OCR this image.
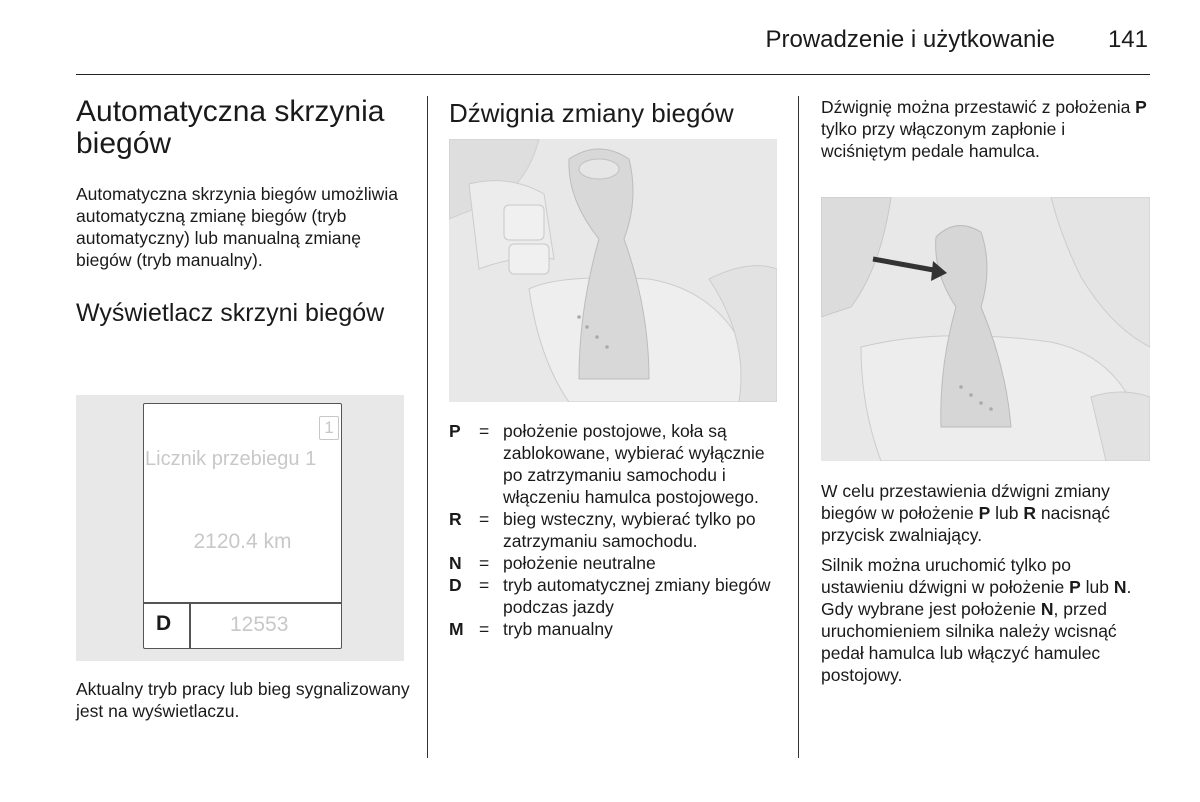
Prowadzenie i użytkowanie 141
Automatyczna skrzynia biegów

Automatyczna skrzynia biegów umożliwia automatyczną zmianę biegów (tryb automatyczny) lub manualną zmianę biegów (tryb manualny).

Wyświetlacz skrzyni biegów
1
Licznik przebiegu 1
2120.4 km
D	12553

Aktualny tryb pracy lub bieg sygnalizowany jest na wyświetlaczu.

Dźwignia zmiany biegów
P = położenie postojowe, koła są zablokowane, wybierać wyłącznie po zatrzymaniu samochodu i włączeniu hamulca postojowego.
R = bieg wsteczny, wybierać tylko po zatrzymaniu samochodu.
N = położenie neutralne
D = tryb automatycznej zmiany biegów podczas jazdy
M = tryb manualny

Dźwignię można przestawić z położenia P tylko przy włączonym zapłonie i wciśniętym pedale hamulca.

W celu przestawienia dźwigni zmiany biegów w położenie P lub R nacisnąć przycisk zwalniający.

Silnik można uruchomić tylko po ustawieniu dźwigni w położenie P lub N. Gdy wybrane jest położenie N, przed uruchomieniem silnika należy wcisnąć pedał hamulca lub włączyć hamulec postojowy.
